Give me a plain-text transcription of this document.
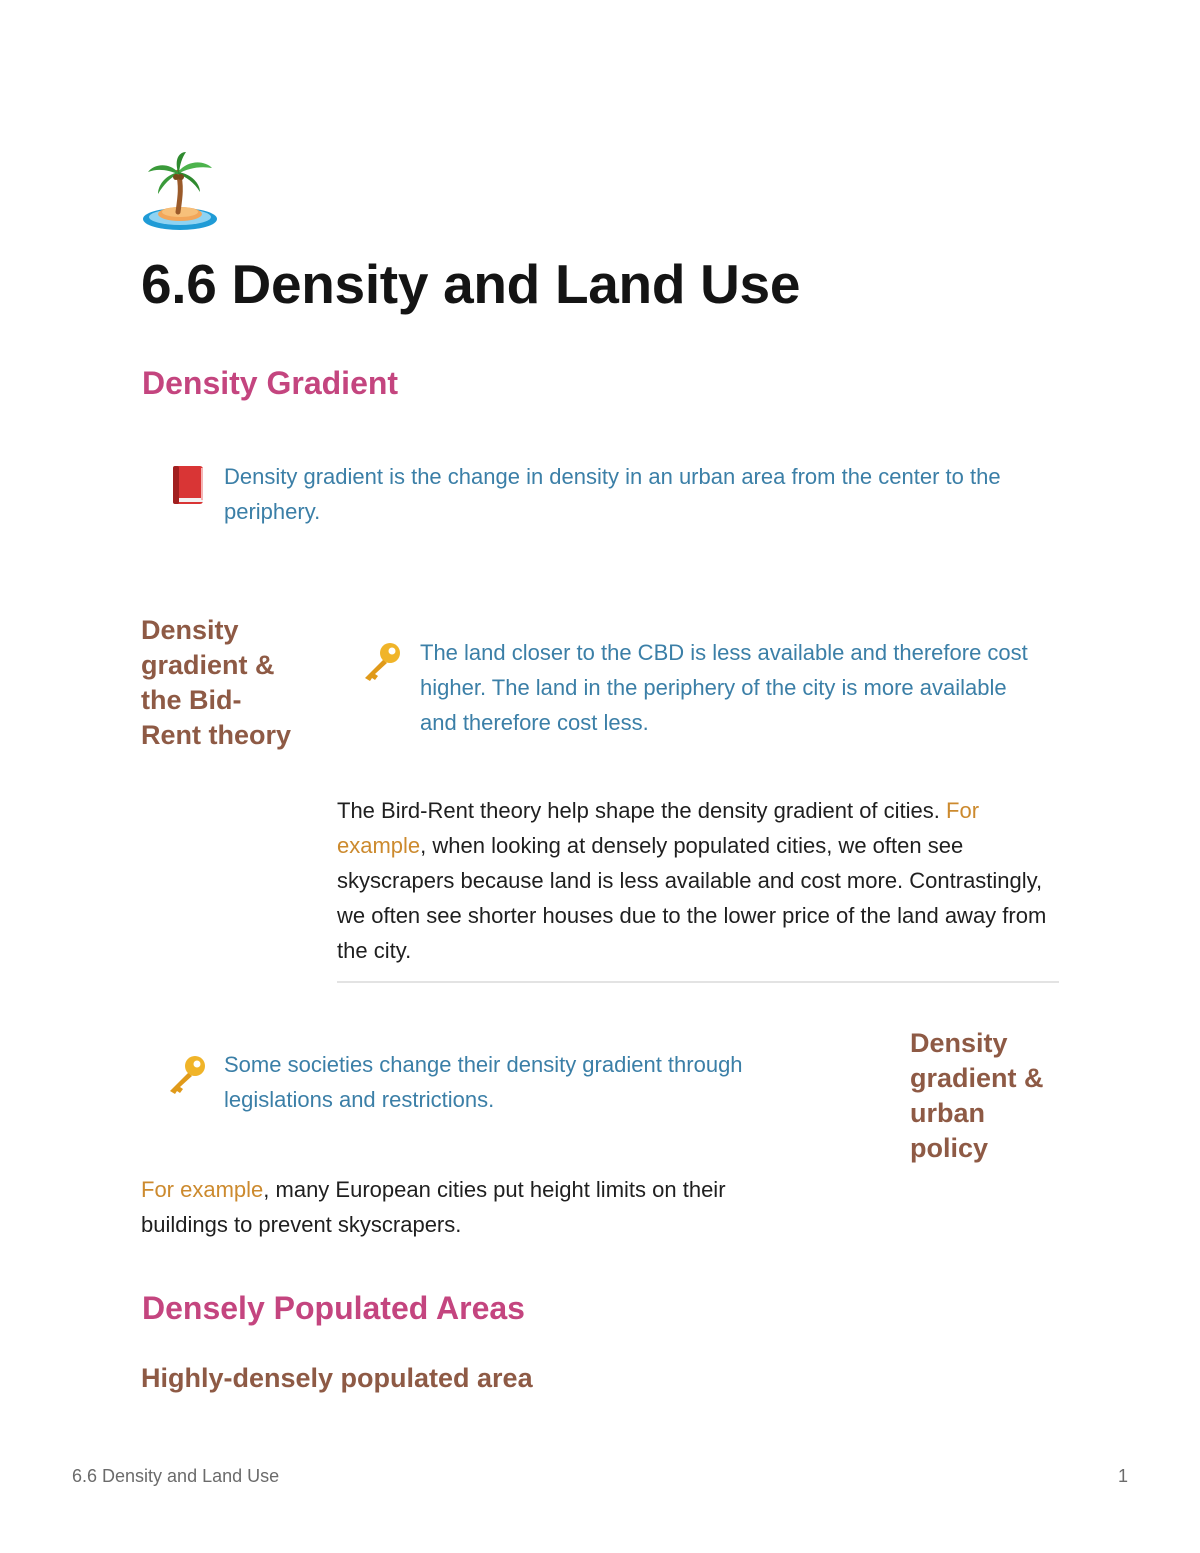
6.6 Density and Land Use
Density Gradient
Density gradient is the change in density in an urban area from the center to the periphery.
Density gradient & the Bid-Rent theory
The land closer to the CBD is less available and therefore cost higher. The land in the periphery of the city is more available and therefore cost less.

The Bird-Rent theory help shape the density gradient of cities. For example, when looking at densely populated cities, we often see skyscrapers because land is less available and cost more. Contrastingly, we often see shorter houses due to the lower price of the land away from the city.

Some societies change their density gradient through legislations and restrictions.

For example, many European cities put height limits on their buildings to prevent skyscrapers.

Density gradient & urban policy
Densely Populated Areas
Highly-densely populated area
6.6 Density and Land Use	1
